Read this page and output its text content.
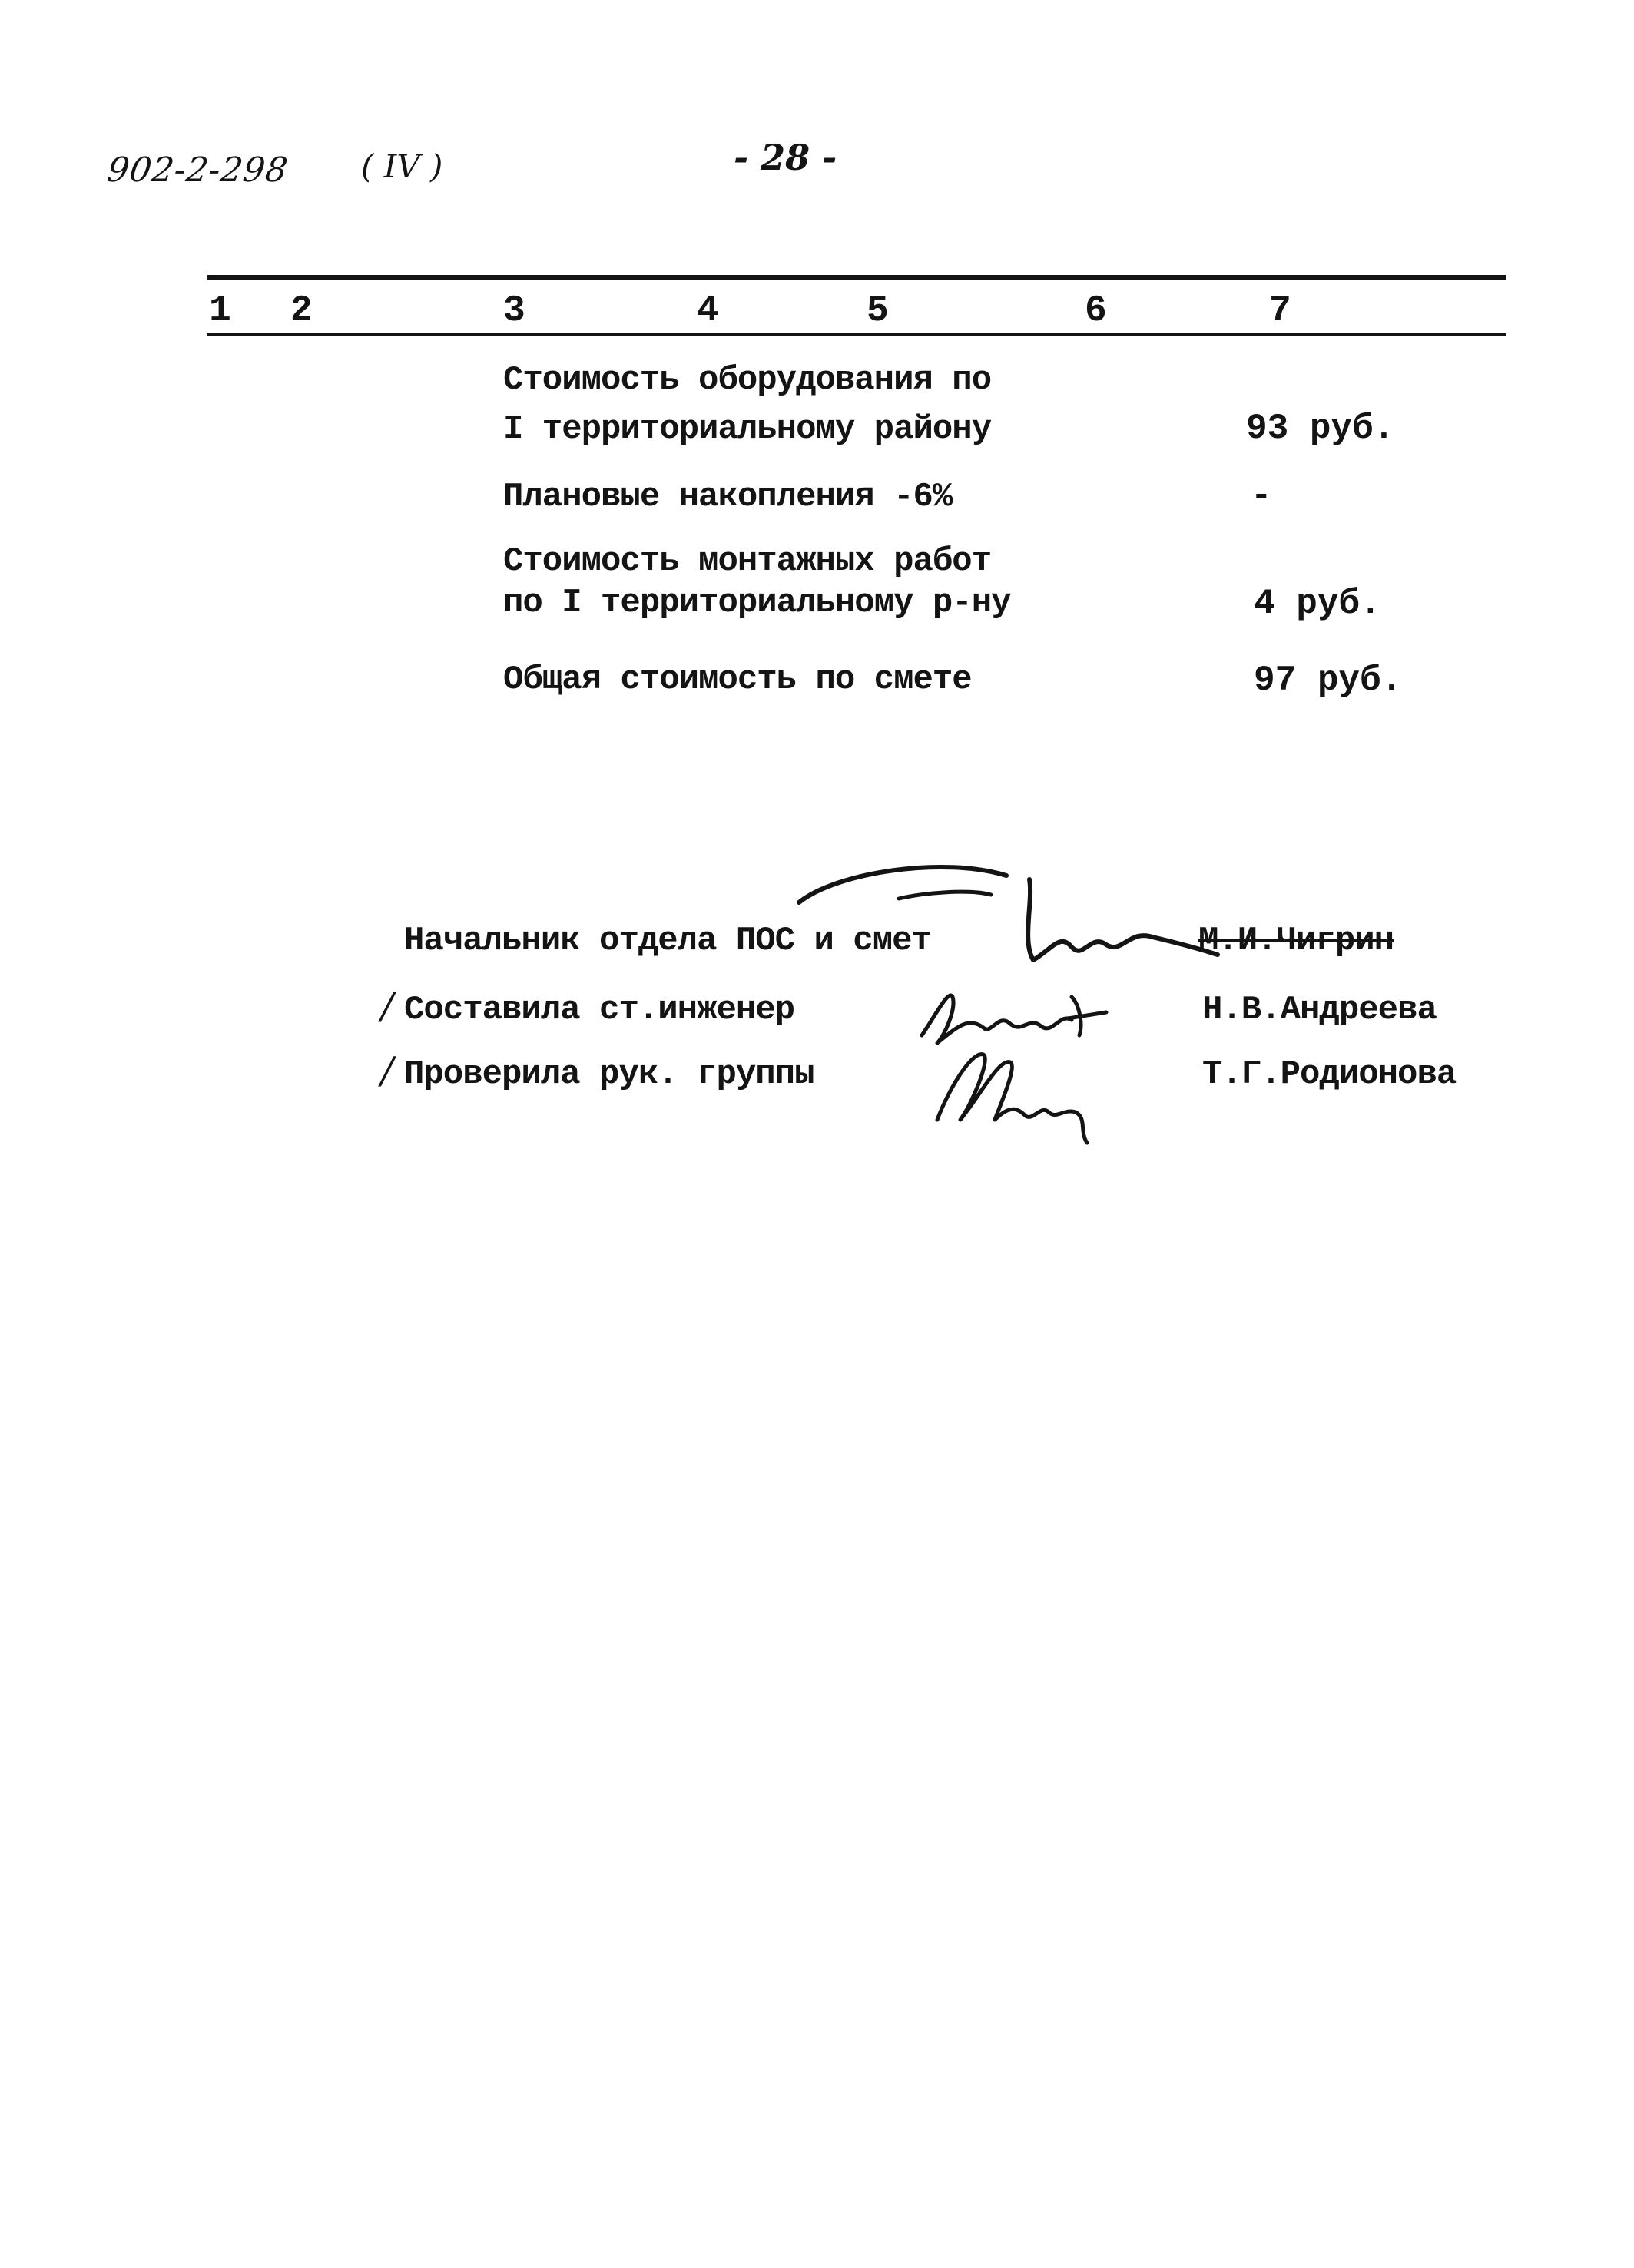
902-2-298 ( IV )	- 28 -
1 2	3	4	5	6	7
Стоимость оборудования по
I территориальному району	93 руб.
Плановые накопления -6%	-
Стоимость монтажных работ
по I территориальному р-ну	4 руб.
Общая стоимость по смете	97 руб.
Начальник отдела ПОС и смет	М.И.Чигрин
/ Составила ст.инженер	Н.В.Андреева
/ Проверила рук. группы	Т.Г.Родионова
